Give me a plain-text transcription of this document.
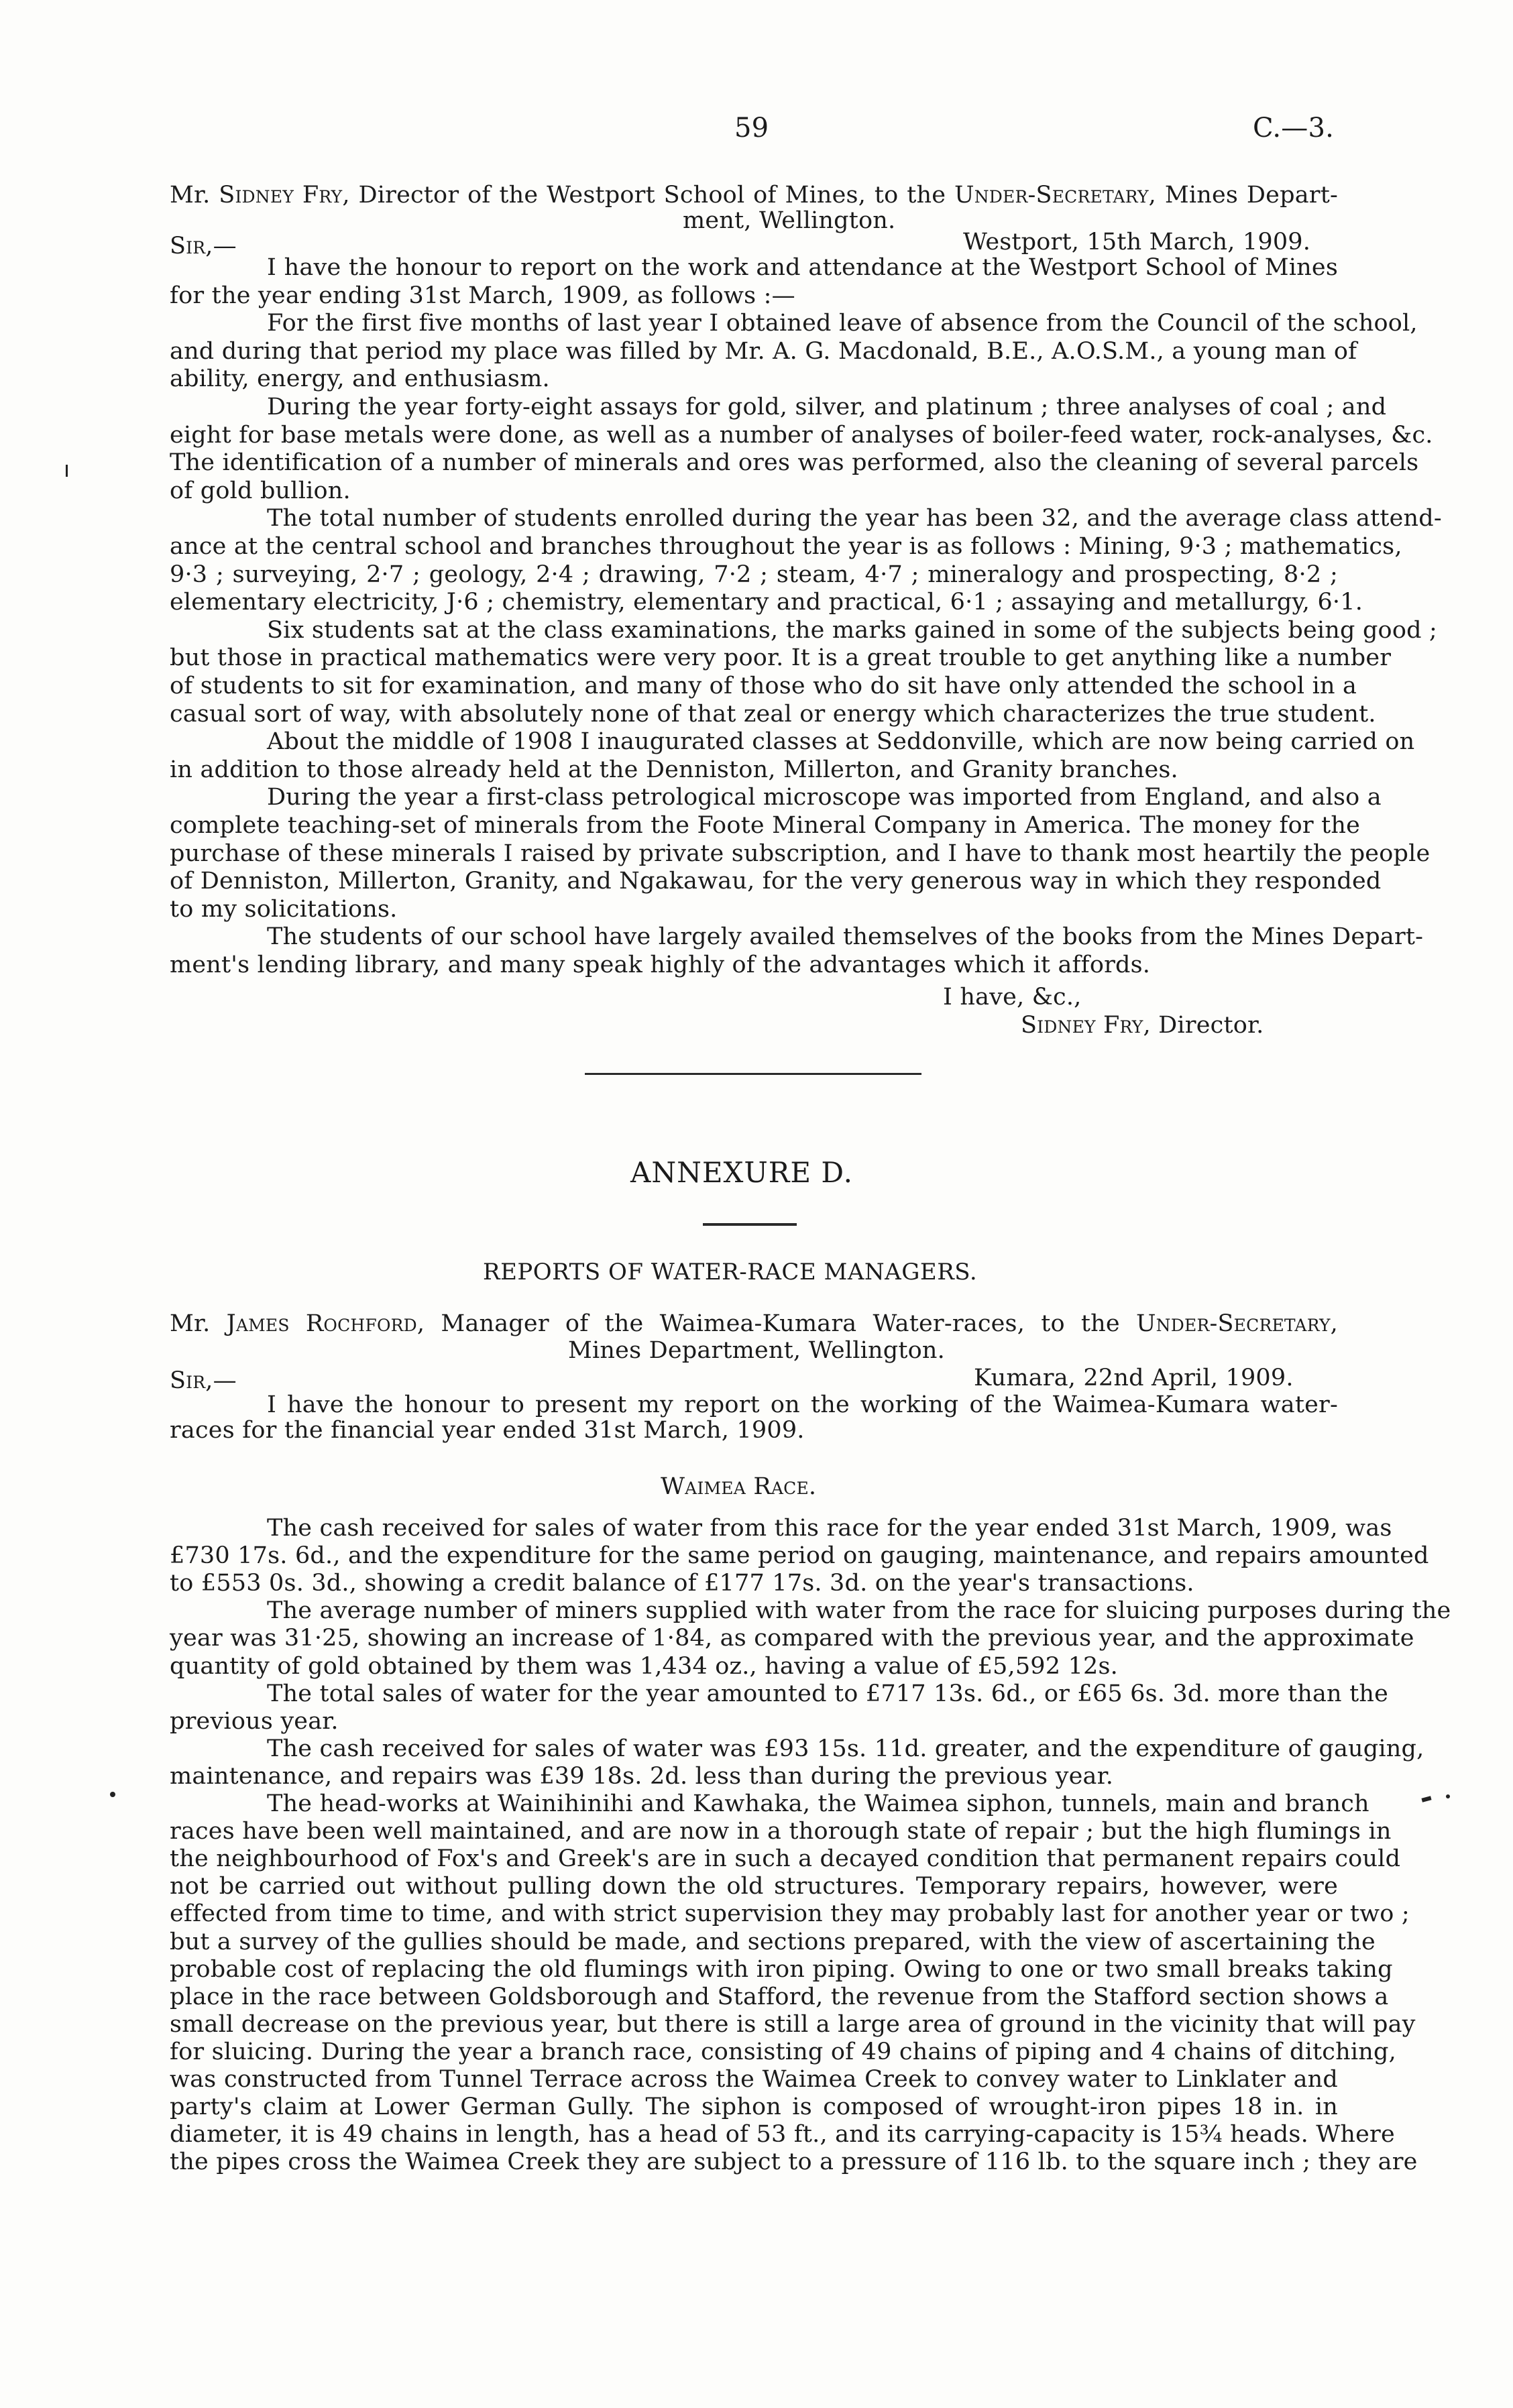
59	C.—3.
Mr. Sidney Fry, Director of the Westport School of Mines, to the Under-Secretary, Mines Depart-
ment, Wellington.
Sir,—	Westport, 15th March, 1909.
I have the honour to report on the work and attendance at the Westport School of Mines
for the year ending 31st March, 1909, as follows :—
For the first five months of last year I obtained leave of absence from the Council of the school,
and during that period my place was filled by Mr. A. G. Macdonald, B.E., A.O.S.M., a young man of
ability, energy, and enthusiasm.
During the year forty-eight assays for gold, silver, and platinum ; three analyses of coal ; and
eight for base metals were done, as well as a number of analyses of boiler-feed water, rock-analyses, &c.
The identification of a number of minerals and ores was performed, also the cleaning of several parcels
of gold bullion.
The total number of students enrolled during the year has been 32, and the average class attend-
ance at the central school and branches throughout the year is as follows : Mining, 9·3 ; mathematics,
9·3 ; surveying, 2·7 ; geology, 2·4 ; drawing, 7·2 ; steam, 4·7 ; mineralogy and prospecting, 8·2 ;
elementary electricity, J·6 ; chemistry, elementary and practical, 6·1 ; assaying and metallurgy, 6·1.
Six students sat at the class examinations, the marks gained in some of the subjects being good ;
but those in practical mathematics were very poor. It is a great trouble to get anything like a number
of students to sit for examination, and many of those who do sit have only attended the school in a
casual sort of way, with absolutely none of that zeal or energy which characterizes the true student.
About the middle of 1908 I inaugurated classes at Seddonville, which are now being carried on
in addition to those already held at the Denniston, Millerton, and Granity branches.
During the year a first-class petrological microscope was imported from England, and also a
complete teaching-set of minerals from the Foote Mineral Company in America. The money for the
purchase of these minerals I raised by private subscription, and I have to thank most heartily the people
of Denniston, Millerton, Granity, and Ngakawau, for the very generous way in which they responded
to my solicitations.
The students of our school have largely availed themselves of the books from the Mines Depart-
ment's lending library, and many speak highly of the advantages which it affords.
I have, &c.,
Sidney Fry, Director.
ANNEXURE D.
REPORTS OF WATER-RACE MANAGERS.
Mr. James Rochford, Manager of the Waimea-Kumara Water-races, to the Under-Secretary,
Mines Department, Wellington.
Sir,—	Kumara, 22nd April, 1909.
I have the honour to present my report on the working of the Waimea-Kumara water-
races for the financial year ended 31st March, 1909.
Waimea Race.
The cash received for sales of water from this race for the year ended 31st March, 1909, was
£730 17s. 6d., and the expenditure for the same period on gauging, maintenance, and repairs amounted
to £553 0s. 3d., showing a credit balance of £177 17s. 3d. on the year's transactions.
The average number of miners supplied with water from the race for sluicing purposes during the
year was 31·25, showing an increase of 1·84, as compared with the previous year, and the approximate
quantity of gold obtained by them was 1,434 oz., having a value of £5,592 12s.
The total sales of water for the year amounted to £717 13s. 6d., or £65 6s. 3d. more than the
previous year.
The cash received for sales of water was £93 15s. 11d. greater, and the expenditure of gauging,
maintenance, and repairs was £39 18s. 2d. less than during the previous year.
The head-works at Wainihinihi and Kawhaka, the Waimea siphon, tunnels, main and branch
races have been well maintained, and are now in a thorough state of repair ; but the high flumings in
the neighbourhood of Fox's and Greek's are in such a decayed condition that permanent repairs could
not be carried out without pulling down the old structures. Temporary repairs, however, were
effected from time to time, and with strict supervision they may probably last for another year or two ;
but a survey of the gullies should be made, and sections prepared, with the view of ascertaining the
probable cost of replacing the old flumings with iron piping. Owing to one or two small breaks taking
place in the race between Goldsborough and Stafford, the revenue from the Stafford section shows a
small decrease on the previous year, but there is still a large area of ground in the vicinity that will pay
for sluicing. During the year a branch race, consisting of 49 chains of piping and 4 chains of ditching,
was constructed from Tunnel Terrace across the Waimea Creek to convey water to Linklater and
party's claim at Lower German Gully. The siphon is composed of wrought-iron pipes 18 in. in
diameter, it is 49 chains in length, has a head of 53 ft., and its carrying-capacity is 15¾ heads. Where
the pipes cross the Waimea Creek they are subject to a pressure of 116 lb. to the square inch ; they are
